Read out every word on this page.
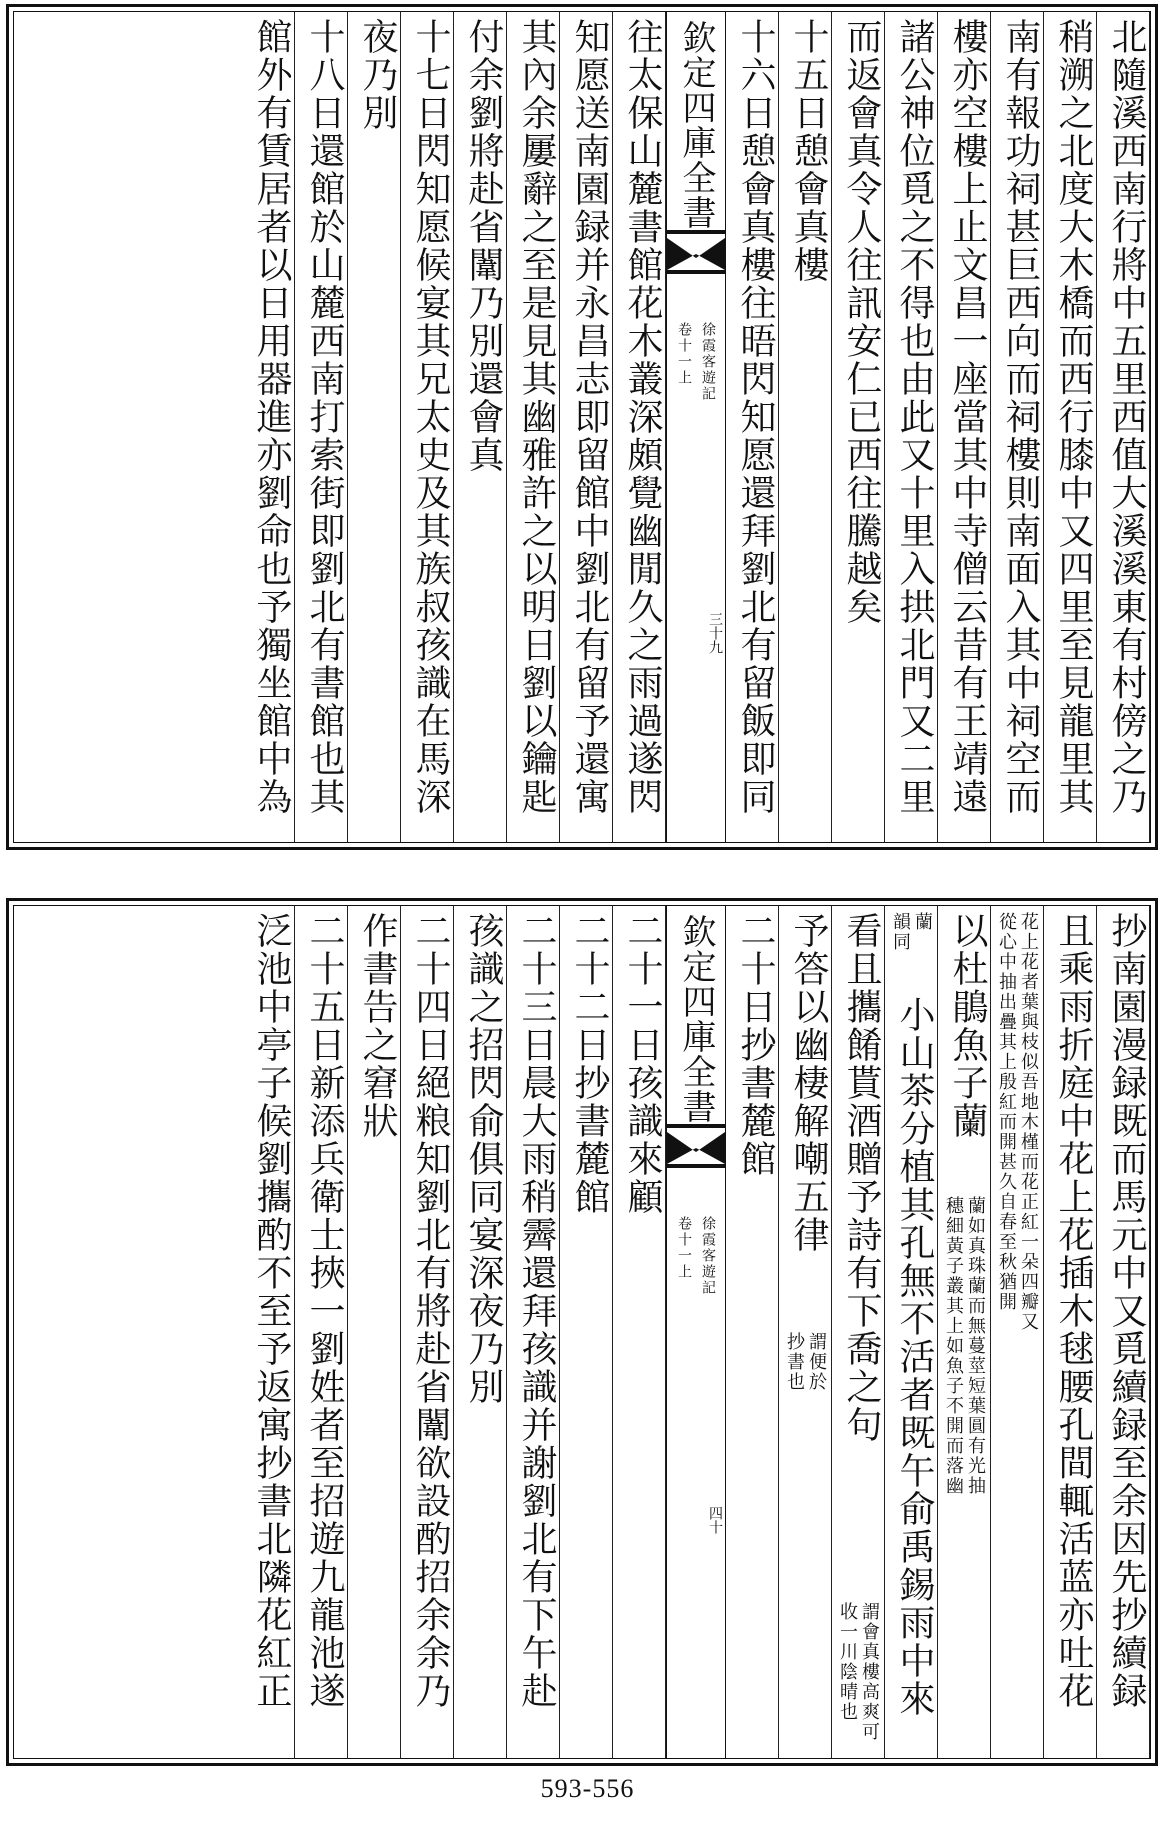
北隨溪西南行將中五里西值大溪溪東有村傍之乃
稍溯之北度大木橋而西行膝中又四里至見龍里其
南有報功祠甚巨西向而祠樓則南面入其中祠空而
樓亦空樓上止文昌一座當其中寺僧云昔有王靖遠
諸公神位覓之不得也由此又十里入拱北門又二里
而返會真令人往訊安仁已西往騰越矣
十五日憩會真樓
十六日憩會真樓往晤閃知愿還拜劉北有留飯即同
欽定四庫全書
徐霞客遊記
卷十一上
三十九
往太保山麓書館花木叢深頗覺幽閒久之雨過遂閃
知愿送南園録并永昌志即留館中劉北有留予還寓
其內余屢辭之至是見其幽雅許之以明日劉以鑰匙
付余劉將赴省闈乃別還會真
十七日閃知愿候宴其兄太史及其族叔孩識在馬深
夜乃別
十八日還館於山麓西南打索街即劉北有書館也其
館外有賃居者以日用器進亦劉命也予獨坐館中為
抄南園漫録既而馬元中又覓續録至余因先抄續録
且乘雨折庭中花上花插木毬腰孔間輒活蓝亦吐花
花上花者葉與枝似吾地木槿而花正紅一朵四瓣又
從心中抽出疊其上殷紅而開甚久自春至秋猶開
以杜鵑魚子蘭
蘭如真珠蘭而無蔓莖短葉圓有光抽
穗細黃子叢其上如魚子不開而落幽
蘭
韻同
小山茶分植其孔無不活者既午俞禹錫雨中來
看且攜餚貰酒贈予詩有下喬之句
謂會真樓高爽可
收一川陰晴也
予答以幽棲解嘲五律
謂便於
抄書也
二十日抄書麓館
欽定四庫全書
徐霞客遊記
卷十一上
四十
二十一日孩識來顧
二十二日抄書麓館
二十三日晨大雨稍霽還拜孩識并謝劉北有下午赴
孩識之招閃俞俱同宴深夜乃別
二十四日絕粮知劉北有將赴省闈欲設酌招余余乃
作書告之窘狀
二十五日新添兵衛士挾一劉姓者至招遊九龍池遂
泛池中亭子候劉攜酌不至予返寓抄書北隣花紅正
593-556
